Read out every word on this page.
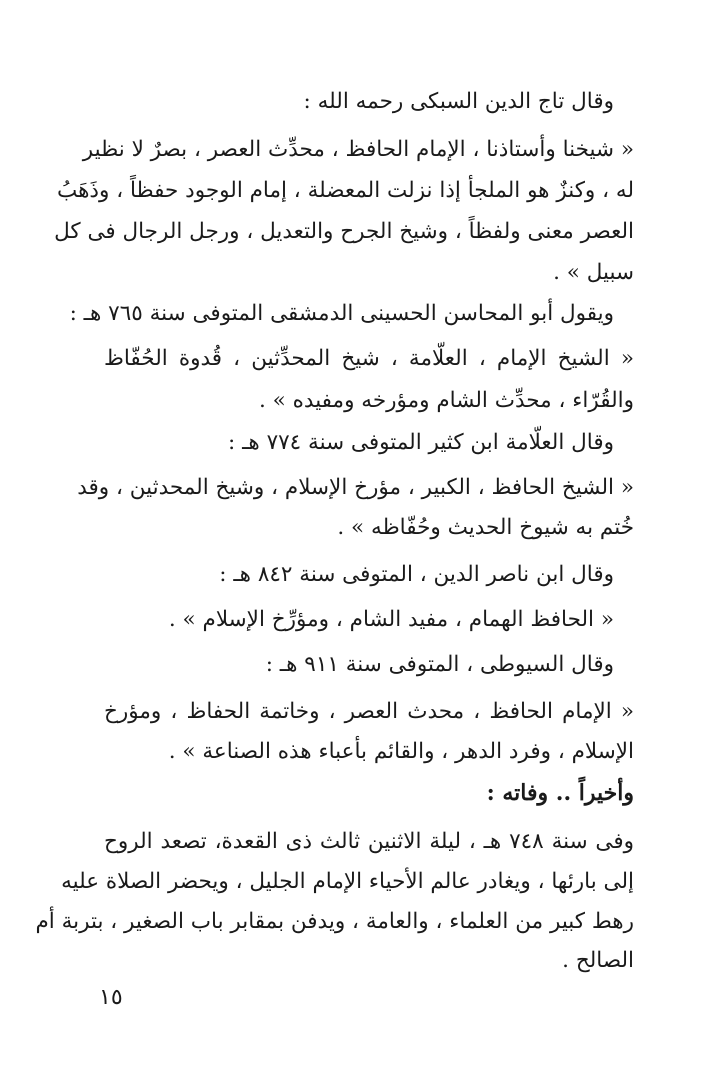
وقال تاج الدين السبكى رحمه الله :
« شيخنا وأستاذنا ، الإمام الحافظ ، محدِّث العصر ، بصرٌ لا نظير
له ، وكنزٌ هو الملجأ إذا نزلت المعضلة ، إمام الوجود حفظاً ، وذَهَبُ
العصر معنى ولفظاً ، وشيخ الجرح والتعديل ، ورجل الرجال فى كل
سبيل » .
ويقول أبو المحاسن الحسينى الدمشقى المتوفى سنة ٧٦٥ هـ :
« الشيخ الإمام ، العلّامة ، شيخ المحدِّثين ، قُدوة الحُفّاظ
والقُرّاء ، محدِّث الشام ومؤرخه ومفيده » .
وقال العلّامة ابن كثير المتوفى سنة ٧٧٤ هـ :
« الشيخ الحافظ ، الكبير ، مؤرخ الإسلام ، وشيخ المحدثين ، وقد
خُتم به شيوخ الحديث وحُفّاظه » .
وقال ابن ناصر الدين ، المتوفى سنة ٨٤٢ هـ :
« الحافظ الهمام ، مفيد الشام ، ومؤرِّخ الإسلام » .
وقال السيوطى ، المتوفى سنة ٩١١ هـ :
« الإمام الحافظ ، محدث العصر ، وخاتمة الحفاظ ، ومؤرخ
الإسلام ، وفرد الدهر ، والقائم بأعباء هذه الصناعة » .
وأخيراً .. وفاته :
وفى سنة ٧٤٨ هـ ، ليلة الاثنين ثالث ذى القعدة، تصعد الروح
إلى بارئها ، ويغادر عالم الأحياء الإمام الجليل ، ويحضر الصلاة عليه
رهط كبير من العلماء ، والعامة ، ويدفن بمقابر باب الصغير ، بتربة أم
الصالح .
١٥
